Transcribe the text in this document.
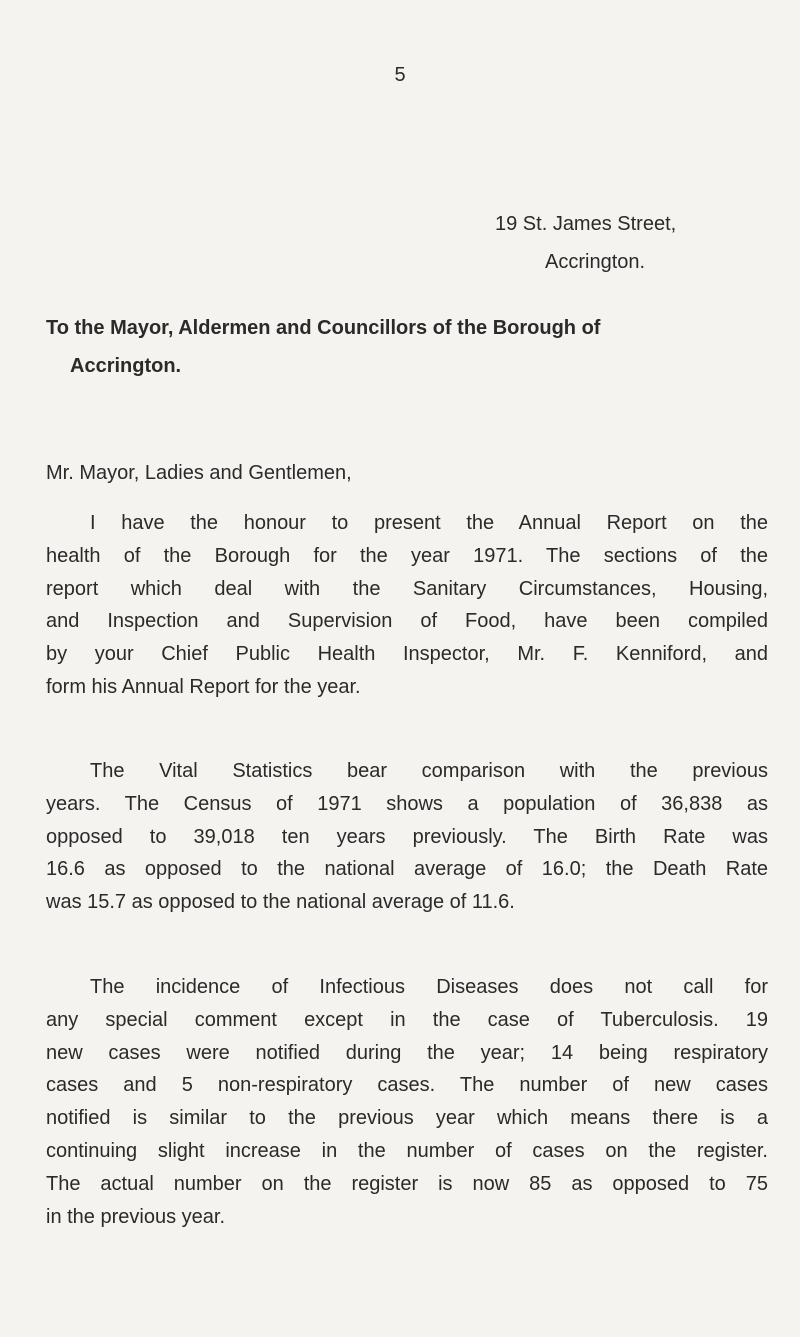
5
19 St. James Street,
Accrington.
To the Mayor, Aldermen and Councillors of the Borough of
Accrington.
Mr. Mayor, Ladies and Gentlemen,
I have the honour to present the Annual Report on the
health of the Borough for the year 1971. The sections of the
report which deal with the Sanitary Circumstances, Housing,
and Inspection and Supervision of Food, have been compiled
by your Chief Public Health Inspector, Mr. F. Kenniford, and
form his Annual Report for the year.
The Vital Statistics bear comparison with the previous
years. The Census of 1971 shows a population of 36,838 as
opposed to 39,018 ten years previously. The Birth Rate was
16.6 as opposed to the national average of 16.0; the Death Rate
was 15.7 as opposed to the national average of 11.6.
The incidence of Infectious Diseases does not call for
any special comment except in the case of Tuberculosis. 19
new cases were notified during the year; 14 being respiratory
cases and 5 non-respiratory cases. The number of new cases
notified is similar to the previous year which means there is a
continuing slight increase in the number of cases on the register.
The actual number on the register is now 85 as opposed to 75
in the previous year.
